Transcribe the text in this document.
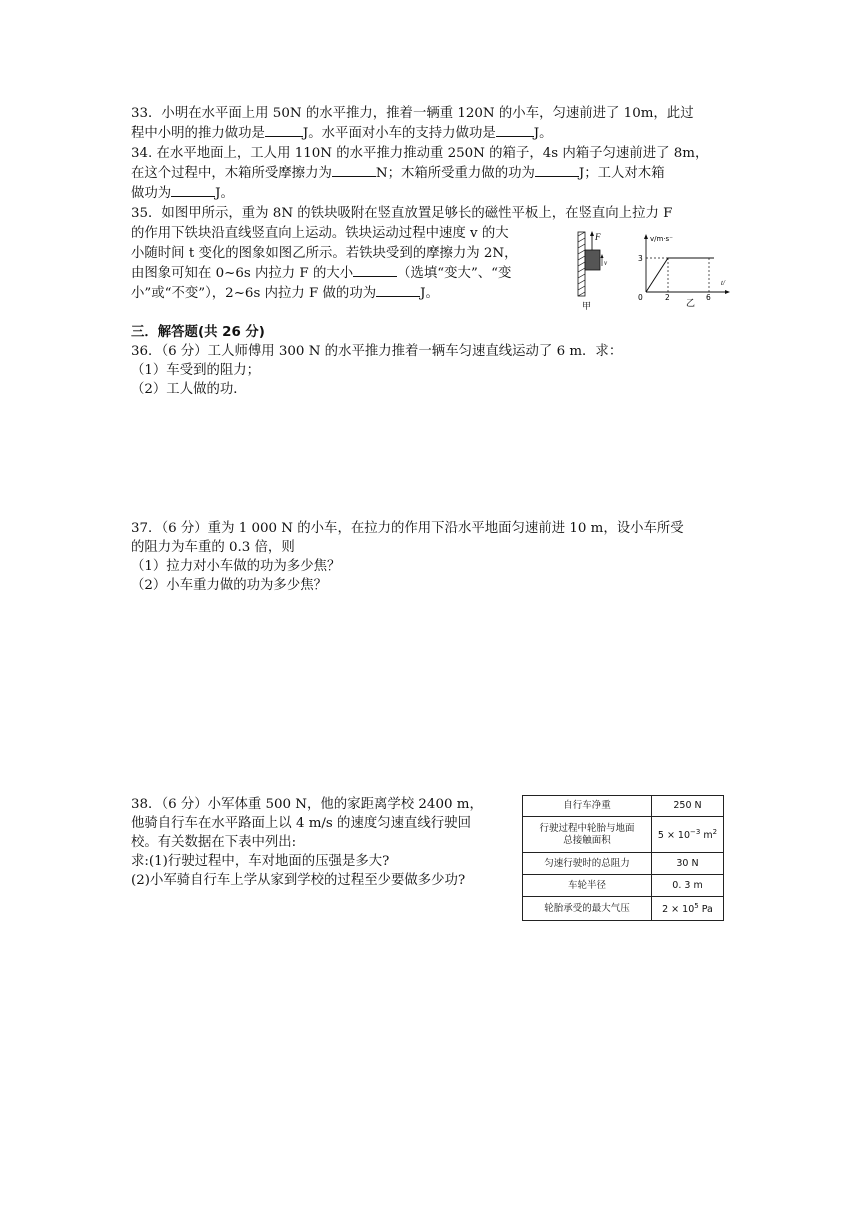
33．小明在水平面上用 50N 的水平推力，推着一辆重 120N 的小车，匀速前进了 10m，此过

程中小明的推力做功是	J。水平面对小车的支持力做功是	J。

34. 在水平地面上，工人用 110N 的水平推力推动重 250N 的箱子，4s 内箱子匀速前进了 8m，

在这个过程中，木箱所受摩擦力为	N；木箱所受重力做的功为	J；工人对木箱

做功为	J。

35．如图甲所示，重为 8N 的铁块吸附在竖直放置足够长的磁性平板上，在竖直向上拉力 F

的作用下铁块沿直线竖直向上运动。铁块运动过程中速度 v 的大

小随时间 t 变化的图象如图乙所示。若铁块受到的摩擦力为 2N，

由图象可知在 0~6s 内拉力 F 的大小	（选填“变大”、“变

小”或“不变”），2~6s 内拉力 F 做的功为	J。

F
v
甲
v/m·s⁻
t/
3
0	2	6
乙

三．解答题(共 26 分)

36．（6 分）工人师傅用 300 N 的水平推力推着一辆车匀速直线运动了 6 m．求：

（1）车受到的阻力；

（2）工人做的功．

37．（6 分）重为 1 000 N 的小车，在拉力的作用下沿水平地面匀速前进 10 m，设小车所受

的阻力为车重的 0.3 倍，则

（1）拉力对小车做的功为多少焦？

（2）小车重力做的功为多少焦？

38．（6 分）小军体重 500 N，他的家距离学校 2400 m，

他骑自行车在水平路面上以 4 m/s 的速度匀速直线行驶回

校。有关数据在下表中列出:

求:(1)行驶过程中，车对地面的压强是多大?

(2)小军骑自行车上学从家到学校的过程至少要做多少功?

自行车净重	250 N
行驶过程中轮胎与地面
总接触面积	$5 \times 10^{-3}$ $m^2$
匀速行驶时的总阻力	30 N
车轮半径	0. 3 m
轮胎承受的最大气压	$2 \times 10^5$ Pa
